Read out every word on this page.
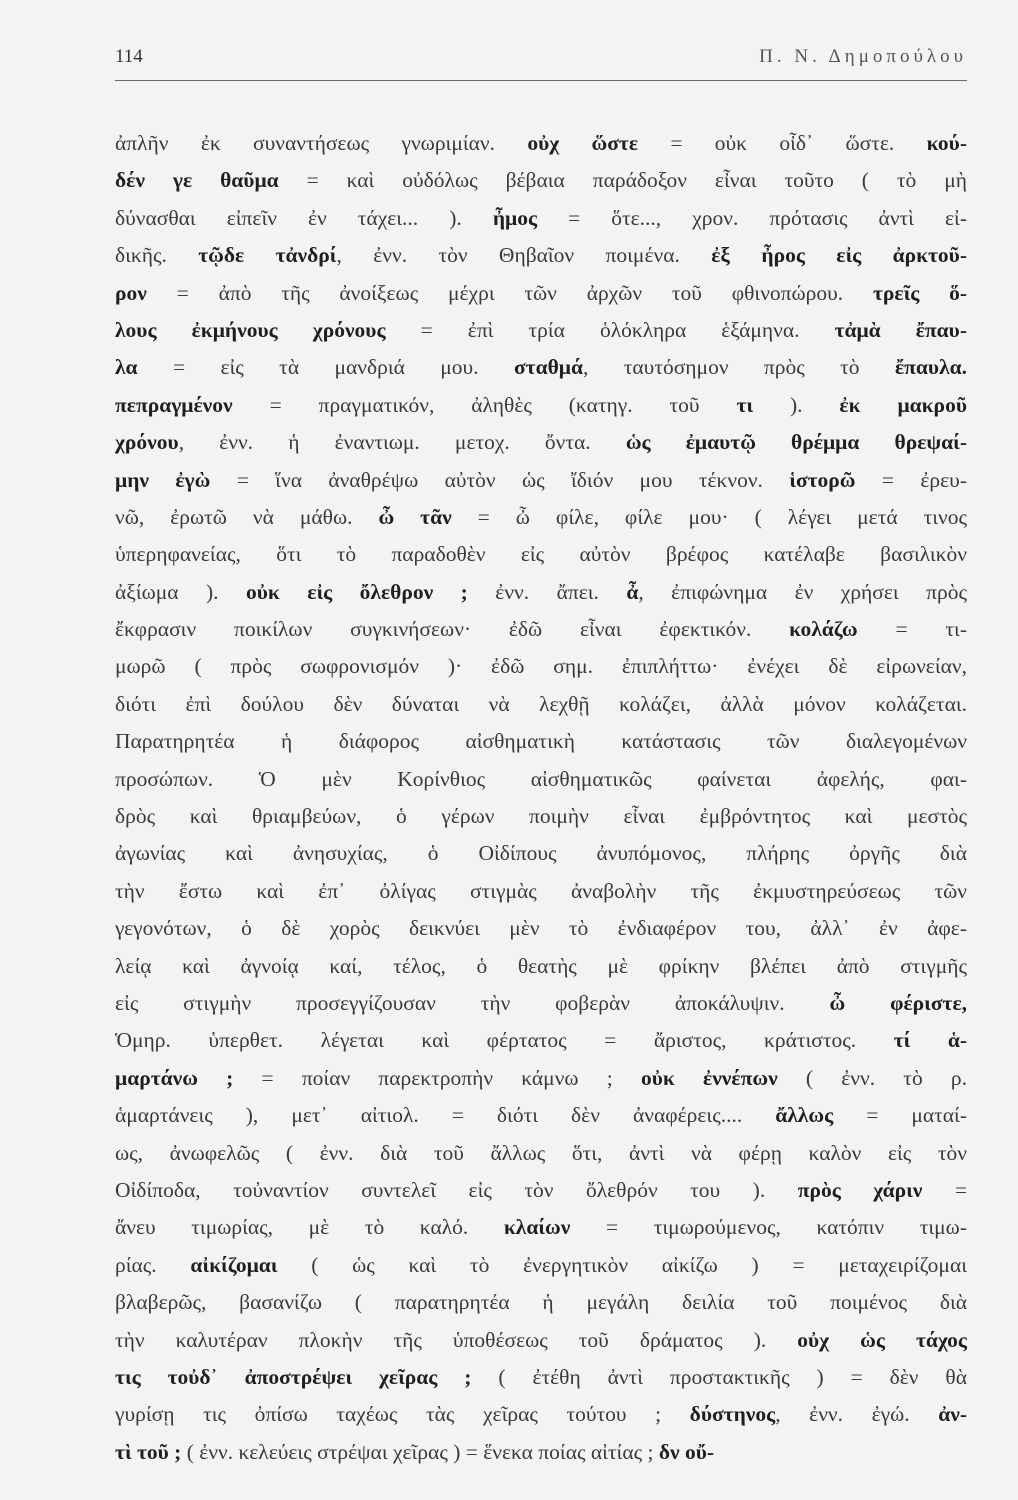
114	Π. Ν. Δημοπούλου
ἀπλῆν ἐκ συναντήσεως γνωριμίαν. οὐχ ὥστε = οὐκ οἶδ᾽ ὥστε. κού-
δέν γε θαῦμα = καὶ οὐδόλως βέβαια παράδοξον εἶναι τοῦτο ( τὸ μὴ
δύνασθαι εἰπεῖν ἐν τάχει... ). ἦμος = ὅτε..., χρον. πρότασις ἀντὶ εἰ-
δικῆς. τῷδε τἀνδρί, ἐνν. τὸν Θηβαῖον ποιμένα. ἐξ ἦρος εἰς ἀρκτοῦ-
ρον = ἀπὸ τῆς ἀνοίξεως μέχρι τῶν ἀρχῶν τοῦ φθινοπώρου. τρεῖς ὅ-
λους ἐκμήνους χρόνους = ἐπὶ τρία ὁλόκληρα ἑξάμηνα. τἀμὰ ἔπαυ-
λα = εἰς τὰ μανδριά μου. σταθμά, ταυτόσημον πρὸς τὸ ἔπαυλα.
πεπραγμένον = πραγματικόν, ἀληθὲς (κατηγ. τοῦ τι ). ἐκ μακροῦ
χρόνου, ἐνν. ἡ ἐναντιωμ. μετοχ. ὄντα. ὡς ἐμαυτῷ θρέμμα θρεψαί-
μην ἐγὼ = ἵνα ἀναθρέψω αὐτὸν ὡς ἴδιόν μου τέκνον. ἱστορῶ = ἐρευ-
νῶ, ἐρωτῶ νὰ μάθω. ὦ τᾶν = ὦ φίλε, φίλε μου· ( λέγει μετά τινος
ὑπερηφανείας, ὅτι τὸ παραδοθὲν εἰς αὐτὸν βρέφος κατέλαβε βασιλικὸν
ἀξίωμα ). οὐκ εἰς ὄλεθρον ; ἐνν. ἄπει. ἆ, ἐπιφώνημα ἐν χρήσει πρὸς
ἔκφρασιν ποικίλων συγκινήσεων· ἐδῶ εἶναι ἐφεκτικόν. κολάζω = τι-
μωρῶ ( πρὸς σωφρονισμόν )· ἐδῶ σημ. ἐπιπλήττω· ἐνέχει δὲ εἰρωνείαν,
διότι ἐπὶ δούλου δὲν δύναται νὰ λεχθῇ κολάζει, ἀλλὰ μόνον κολάζεται.
Παρατηρητέα ἡ διάφορος αἰσθηματικὴ κατάστασις τῶν διαλεγομένων
προσώπων. Ὁ μὲν Κορίνθιος αἰσθηματικῶς φαίνεται ἀφελής, φαι-
δρὸς καὶ θριαμβεύων, ὁ γέρων ποιμὴν εἶναι ἐμβρόντητος καὶ μεστὸς
ἀγωνίας καὶ ἀνησυχίας, ὁ Οἰδίπους ἀνυπόμονος, πλήρης ὀργῆς διὰ
τὴν ἔστω καὶ ἐπ᾽ ὀλίγας στιγμὰς ἀναβολὴν τῆς ἐκμυστηρεύσεως τῶν
γεγονότων, ὁ δὲ χορὸς δεικνύει μὲν τὸ ἐνδιαφέρον του, ἀλλ᾽ ἐν ἀφε-
λείᾳ καὶ ἀγνοίᾳ καί, τέλος, ὁ θεατὴς μὲ φρίκην βλέπει ἀπὸ στιγμῆς
εἰς στιγμὴν προσεγγίζουσαν τὴν φοβερὰν ἀποκάλυψιν. ὦ φέριστε,
Ὁμηρ. ὑπερθετ. λέγεται καὶ φέρτατος = ἄριστος, κράτιστος. τί ἁ-
μαρτάνω ; = ποίαν παρεκτροπὴν κάμνω ; οὐκ ἐννέπων ( ἐνν. τὸ ρ.
ἁμαρτάνεις ), μετ᾽ αἰτιολ. = διότι δὲν ἀναφέρεις.... ἄλλως = ματαί-
ως, ἀνωφελῶς ( ἐνν. διὰ τοῦ ἄλλως ὅτι, ἀντὶ νὰ φέρῃ καλὸν εἰς τὸν
Οἰδίποδα, τοὐναντίον συντελεῖ εἰς τὸν ὄλεθρόν του ). πρὸς χάριν =
ἄνευ τιμωρίας, μὲ τὸ καλό. κλαίων = τιμωρούμενος, κατόπιν τιμω-
ρίας. αἰκίζομαι ( ὡς καὶ τὸ ἐνεργητικὸν αἰκίζω ) = μεταχειρίζομαι
βλαβερῶς, βασανίζω ( παρατηρητέα ἡ μεγάλη δειλία τοῦ ποιμένος διὰ
τὴν καλυτέραν πλοκὴν τῆς ὑποθέσεως τοῦ δράματος ). οὐχ ὡς τάχος
τις τοὐδ᾽ ἀποστρέψει χεῖρας ; ( ἐτέθη ἀντὶ προστακτικῆς ) = δὲν θὰ
γυρίσῃ τις ὀπίσω ταχέως τὰς χεῖρας τούτου ; δύστηνος, ἐνν. ἐγώ. ἀν-
τὶ τοῦ ; ( ἐνν. κελεύεις στρέψαι χεῖρας ) = ἕνεκα ποίας αἰτίας ; δν οὔ-
